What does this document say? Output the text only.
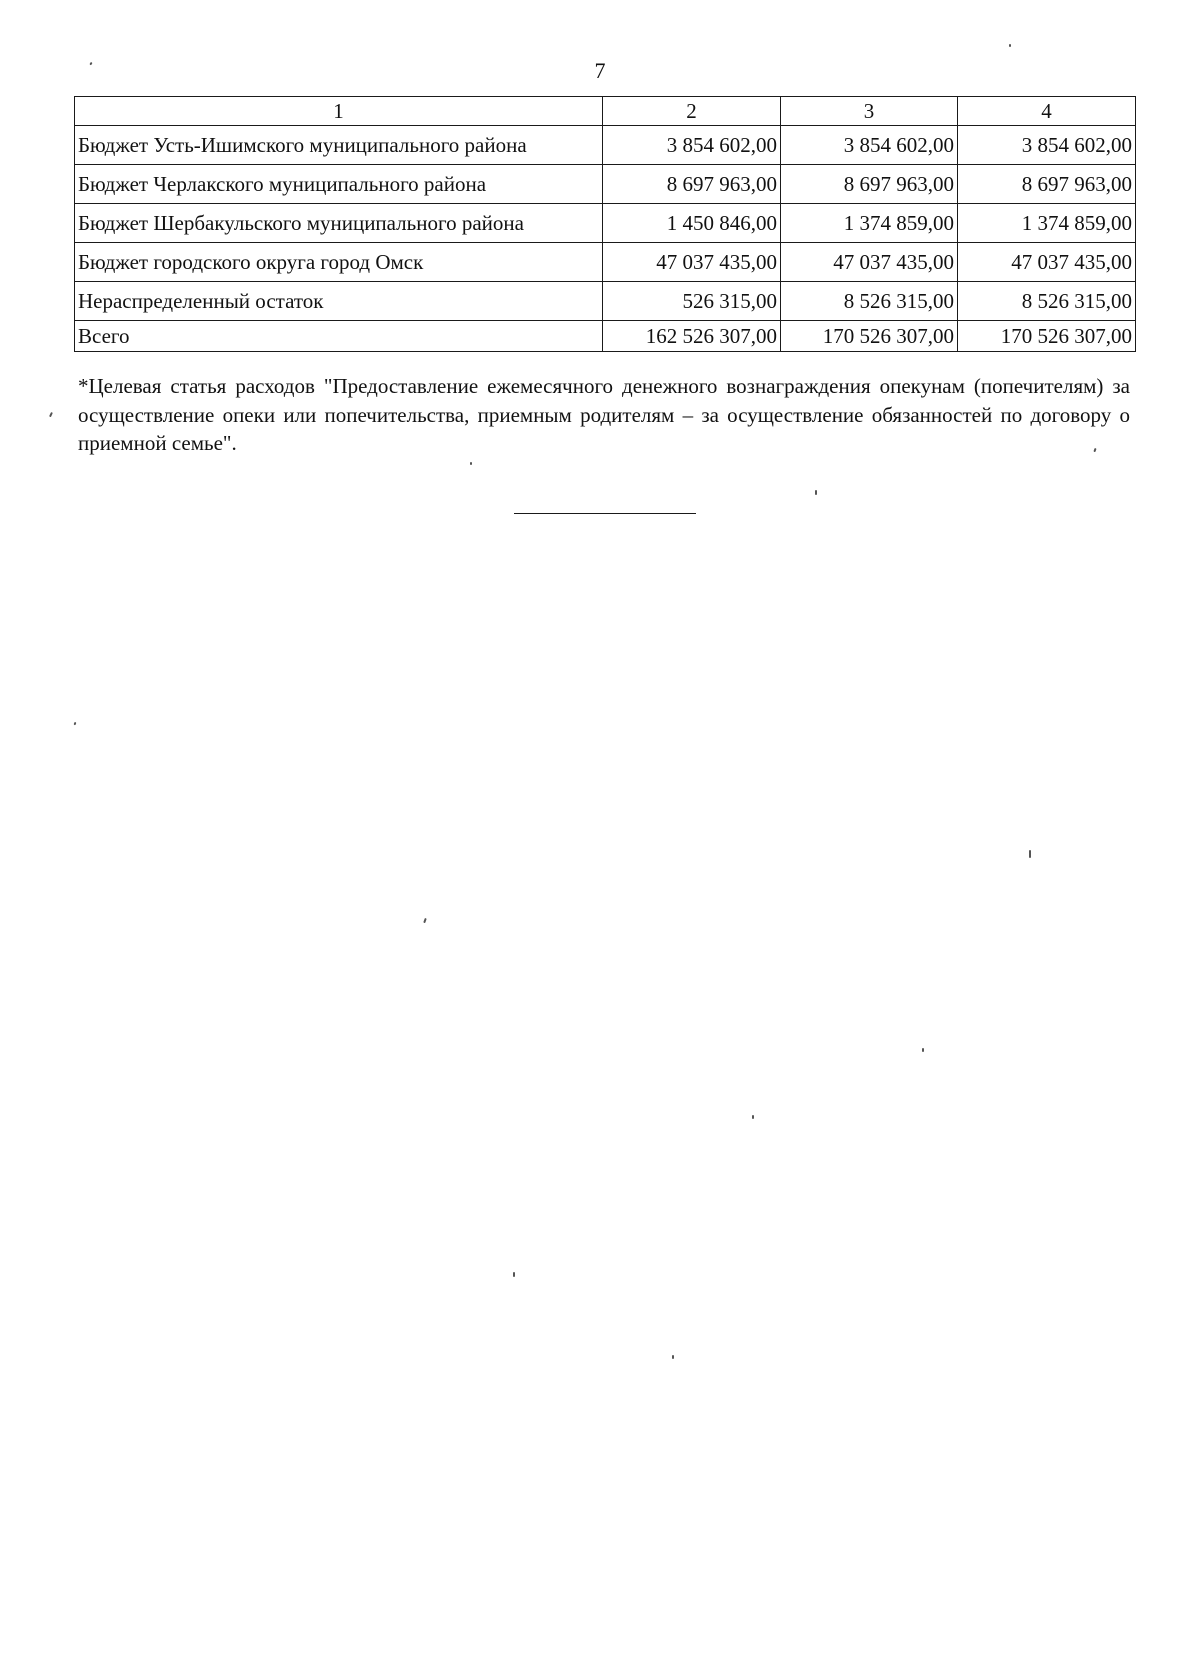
7
1	2	3	4
Бюджет Усть-Ишимского муниципального района	3 854 602,00	3 854 602,00	3 854 602,00
Бюджет Черлакского муниципального района	8 697 963,00	8 697 963,00	8 697 963,00
Бюджет Шербакульского муниципального района	1 450 846,00	1 374 859,00	1 374 859,00
Бюджет городского округа город Омск	47 037 435,00	47 037 435,00	47 037 435,00
Нераспределенный остаток	526 315,00	8 526 315,00	8 526 315,00
Всего	162 526 307,00	170 526 307,00	170 526 307,00
*Целевая статья расходов "Предоставление ежемесячного денежного вознаграждения опекунам (попечителям) за осуществление опеки или попечительства, приемным родителям – за осуществление обязанностей по договору о приемной семье".
